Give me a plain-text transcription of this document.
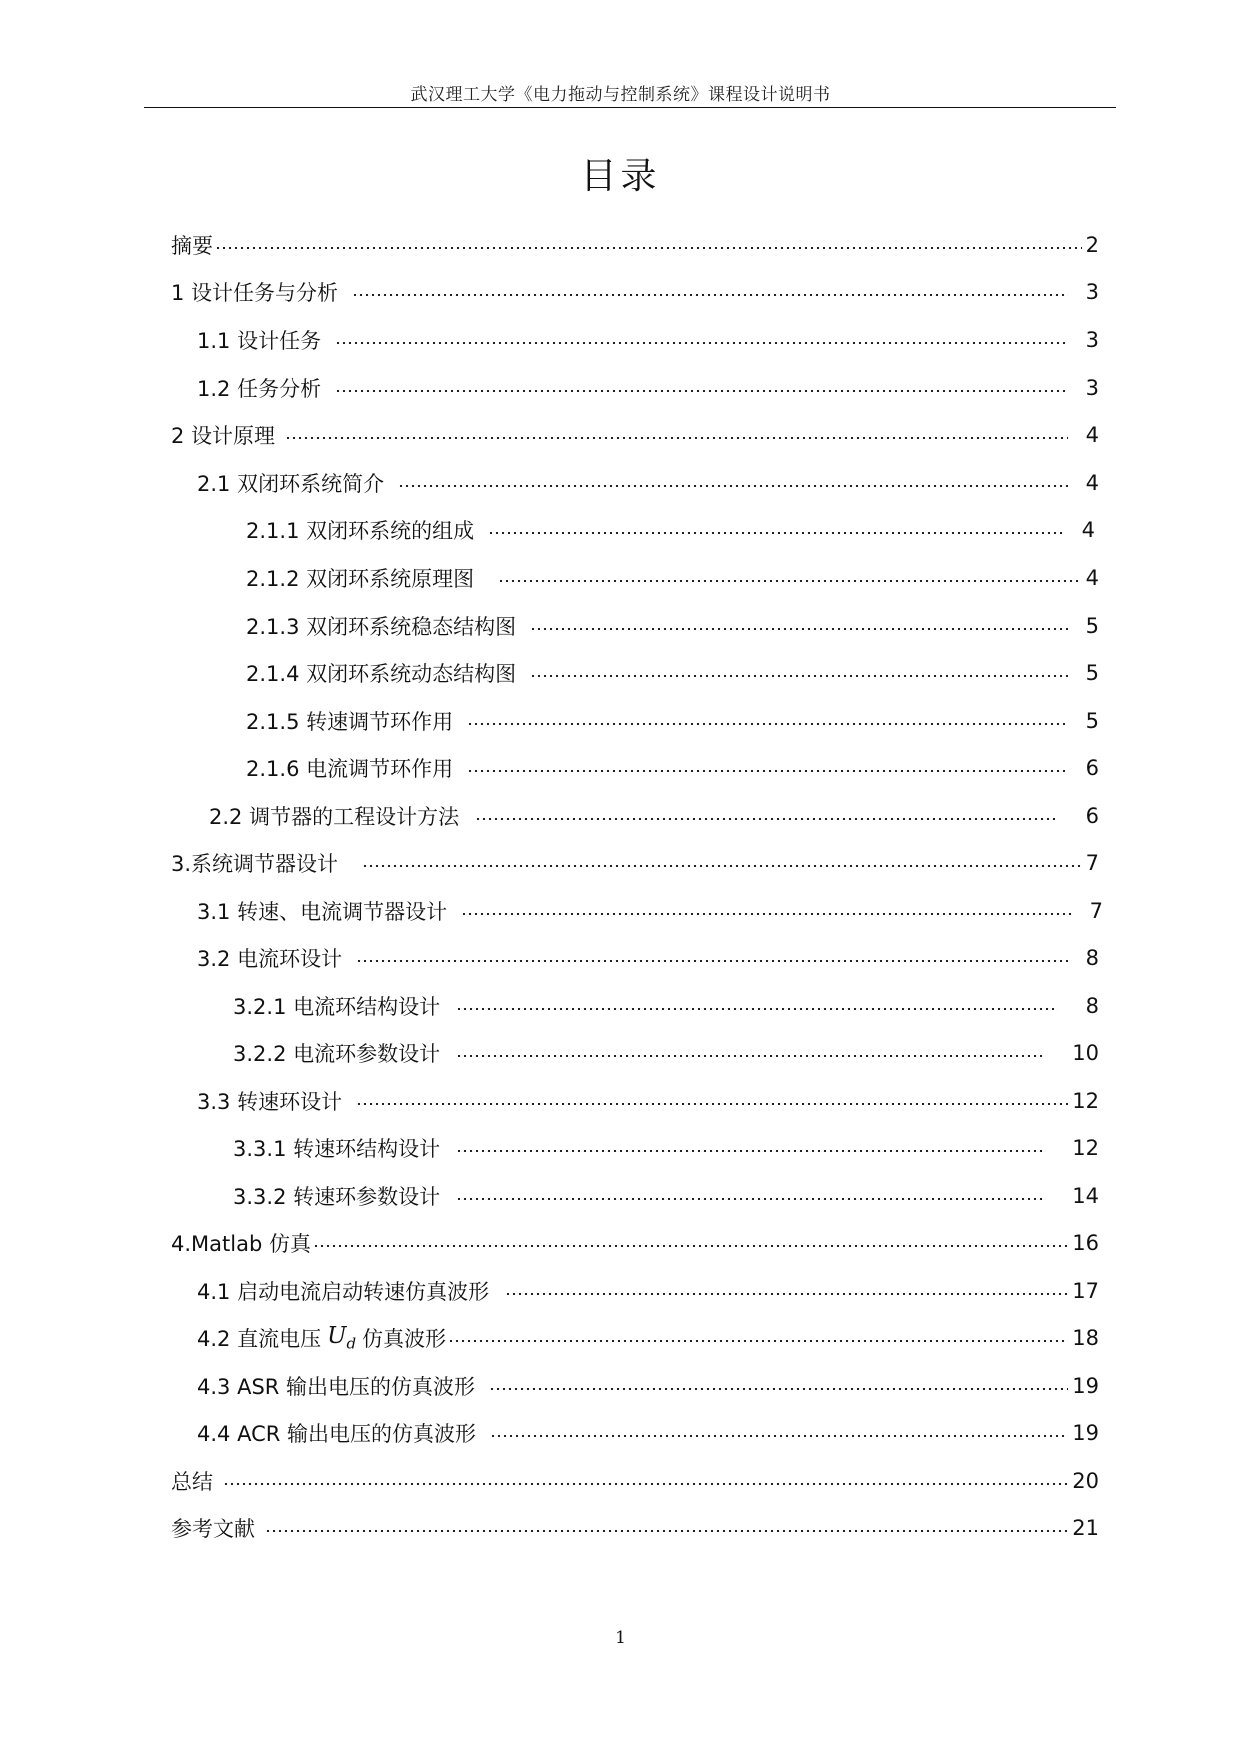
武汉理工大学《电力拖动与控制系统》课程设计说明书
目录
摘要	2
1 设计任务与分析	3
1.1 设计任务	3
1.2 任务分析	3
2 设计原理	4
2.1 双闭环系统简介	4
2.1.1 双闭环系统的组成	4
2.1.2 双闭环系统原理图	4
2.1.3 双闭环系统稳态结构图	5
2.1.4 双闭环系统动态结构图	5
2.1.5 转速调节环作用	5
2.1.6 电流调节环作用	6
2.2 调节器的工程设计方法	6
3.系统调节器设计	7
3.1 转速、电流调节器设计	7
3.2 电流环设计	8
3.2.1 电流环结构设计	8
3.2.2 电流环参数设计	10
3.3 转速环设计	12
3.3.1 转速环结构设计	12
3.3.2 转速环参数设计	14
4.Matlab 仿真	16
4.1 启动电流启动转速仿真波形	17
4.2 直流电压 $U_d$ 仿真波形	18
4.3 ASR 输出电压的仿真波形	19
4.4 ACR 输出电压的仿真波形	19
总结	20
参考文献	21
1
